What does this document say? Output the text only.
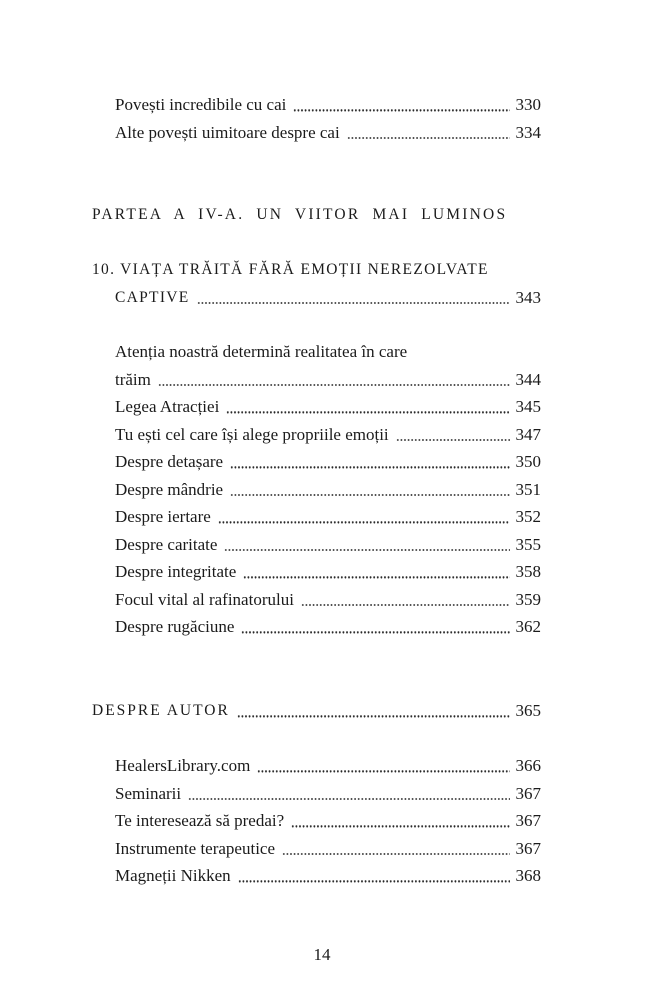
Povești incredibile cu cai	330
Alte povești uimitoare despre cai	334
PARTEA A IV-A. UN VIITOR MAI LUMINOS
10. VIAȚA TRĂITĂ FĂRĂ EMOȚII NEREZOLVATE
CAPTIVE	343
Atenția noastră determină realitatea în care
trăim	344
Legea Atracției	345
Tu ești cel care își alege propriile emoții	347
Despre detașare	350
Despre mândrie	351
Despre iertare	352
Despre caritate	355
Despre integritate	358
Focul vital al rafinatorului	359
Despre rugăciune	362
DESPRE AUTOR	365
HealersLibrary.com	366
Seminarii	367
Te interesează să predai?	367
Instrumente terapeutice	367
Magneții Nikken	368
14
